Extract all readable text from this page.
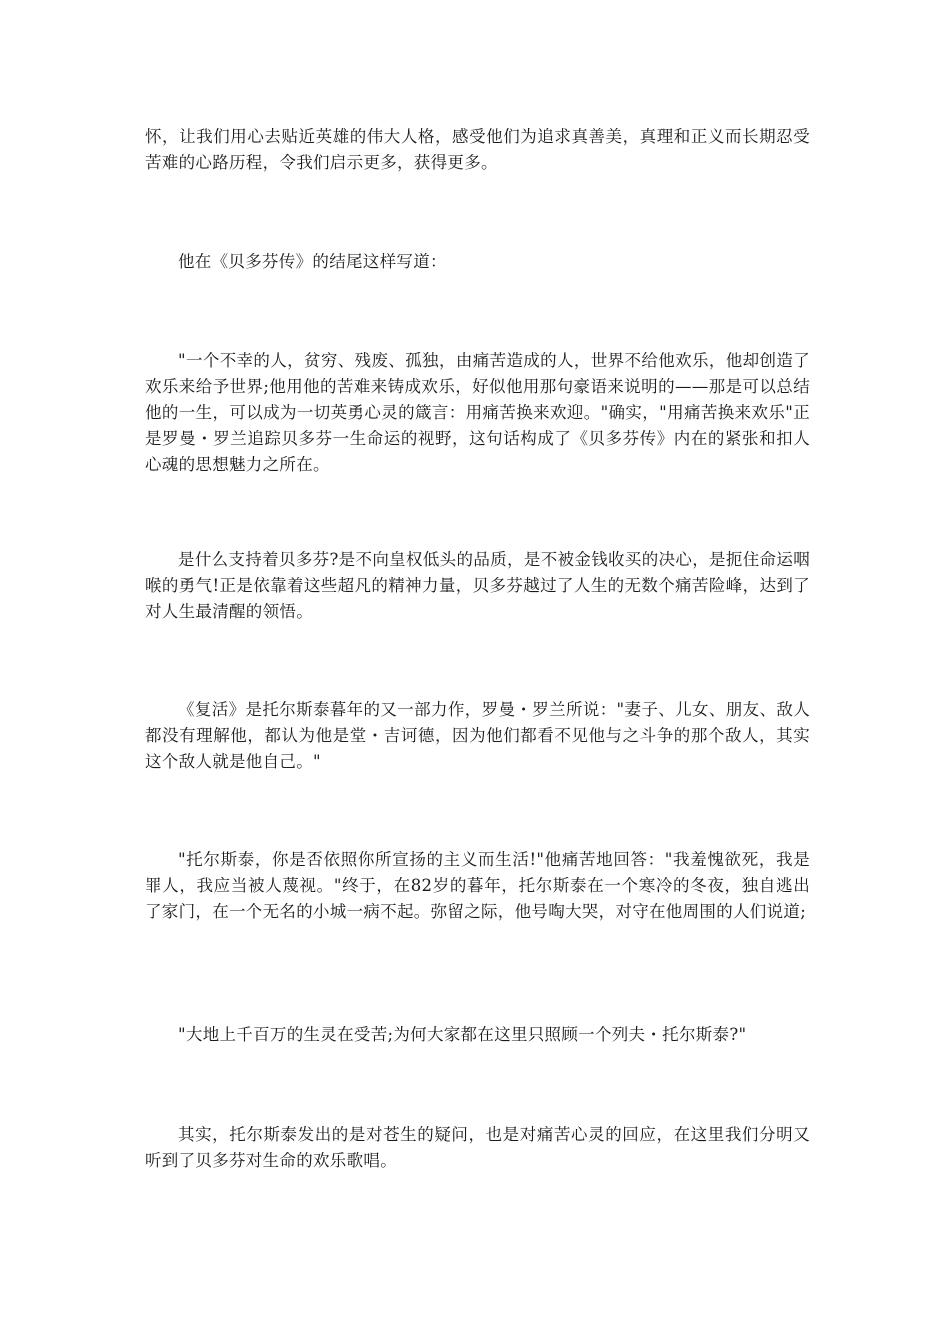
怀，让我们用心去贴近英雄的伟大人格，感受他们为追求真善美，真理和正义而长期忍受苦难的心路历程，令我们启示更多，获得更多。

他在《贝多芬传》的结尾这样写道：

"一个不幸的人，贫穷、残废、孤独，由痛苦造成的人，世界不给他欢乐，他却创造了欢乐来给予世界;他用他的苦难来铸成欢乐，好似他用那句豪语来说明的——那是可以总结他的一生，可以成为一切英勇心灵的箴言：用痛苦换来欢迎。"确实，"用痛苦换来欢乐"正是罗曼・罗兰追踪贝多芬一生命运的视野，这句话构成了《贝多芬传》内在的紧张和扣人心魂的思想魅力之所在。

是什么支持着贝多芬?是不向皇权低头的品质，是不被金钱收买的决心，是扼住命运咽喉的勇气!正是依靠着这些超凡的精神力量，贝多芬越过了人生的无数个痛苦险峰，达到了对人生最清醒的领悟。

《复活》是托尔斯泰暮年的又一部力作，罗曼・罗兰所说："妻子、儿女、朋友、敌人都没有理解他，都认为他是堂・吉诃德，因为他们都看不见他与之斗争的那个敌人，其实这个敌人就是他自己。"

"托尔斯泰，你是否依照你所宣扬的主义而生活!"他痛苦地回答："我羞愧欲死，我是罪人，我应当被人蔑视。"终于，在82岁的暮年，托尔斯泰在一个寒冷的冬夜，独自逃出了家门，在一个无名的小城一病不起。弥留之际，他号啕大哭，对守在他周围的人们说道;

"大地上千百万的生灵在受苦;为何大家都在这里只照顾一个列夫・托尔斯泰?"

其实，托尔斯泰发出的是对苍生的疑问，也是对痛苦心灵的回应，在这里我们分明又听到了贝多芬对生命的欢乐歌唱。
